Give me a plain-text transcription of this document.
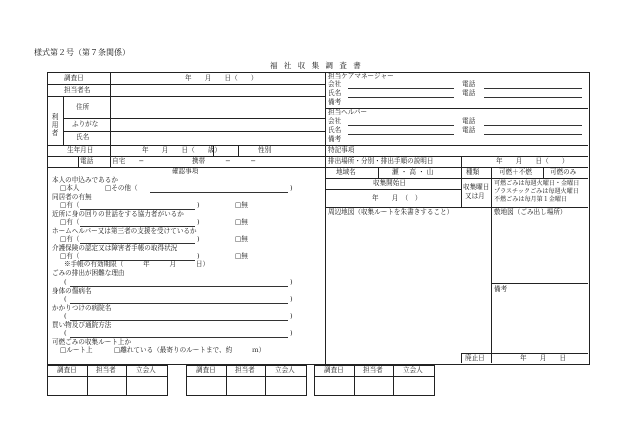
様式第２号（第７条関係）
福 社 収 集 調 査 書
調査日	年　　月　　日（　　）
担当者名
利
用
者
住所
ふりがな
氏名
生年月日	年　　月　　日（　　歳）	性別
電話	自宅　　−	携帯　　　−　　　−
確認事項
本人の申込みであるか
□本人	□その他（	)
同居者の有無
□有（	)	□無
近所に身の回りの世話をする協力者がいるか
□有（	)	□無
ホームヘルパー又は第三者の支援を受けているか
□有（	)	□無
介護保険の認定又は障害者手帳の取得状況
□有（	)	□無
※手帳の有効期限（　　　年　　　月　　　日）
ごみの排出が困難な理由
(	)
身体の傷病名
(	)
かかりつけの病院名
(	)
買い物及び通院方法
(	)
可燃ごみの収集ルート上か
□ルート上	□離れている（最寄りのルートまで、約　　　ｍ）
担当ケアマネージャー
会社	電話
氏名	電話
備考
担当ヘルパー
会社	電話
氏名	電話
備考
特記事項
排出場所・分別・排出手順の説明日	年　　月　　日（　　）
地域名	瀬 ・ 高 ・ 山	種類	可燃＋不燃	可燃のみ
収集開始日
年　　月　（　）
収集曜日
又は月
可燃ごみは毎週火曜日・金曜日
プラスチックごみは毎週火曜日
不燃ごみは毎月第１金曜日
周辺地図（収集ルートを朱書きすること）	敷地図（ごみ出し場所）
備考
廃止日	年　　月　　日
調査日	担当者	立会人	調査日	担当者	立会人	調査日	担当者	立会人
